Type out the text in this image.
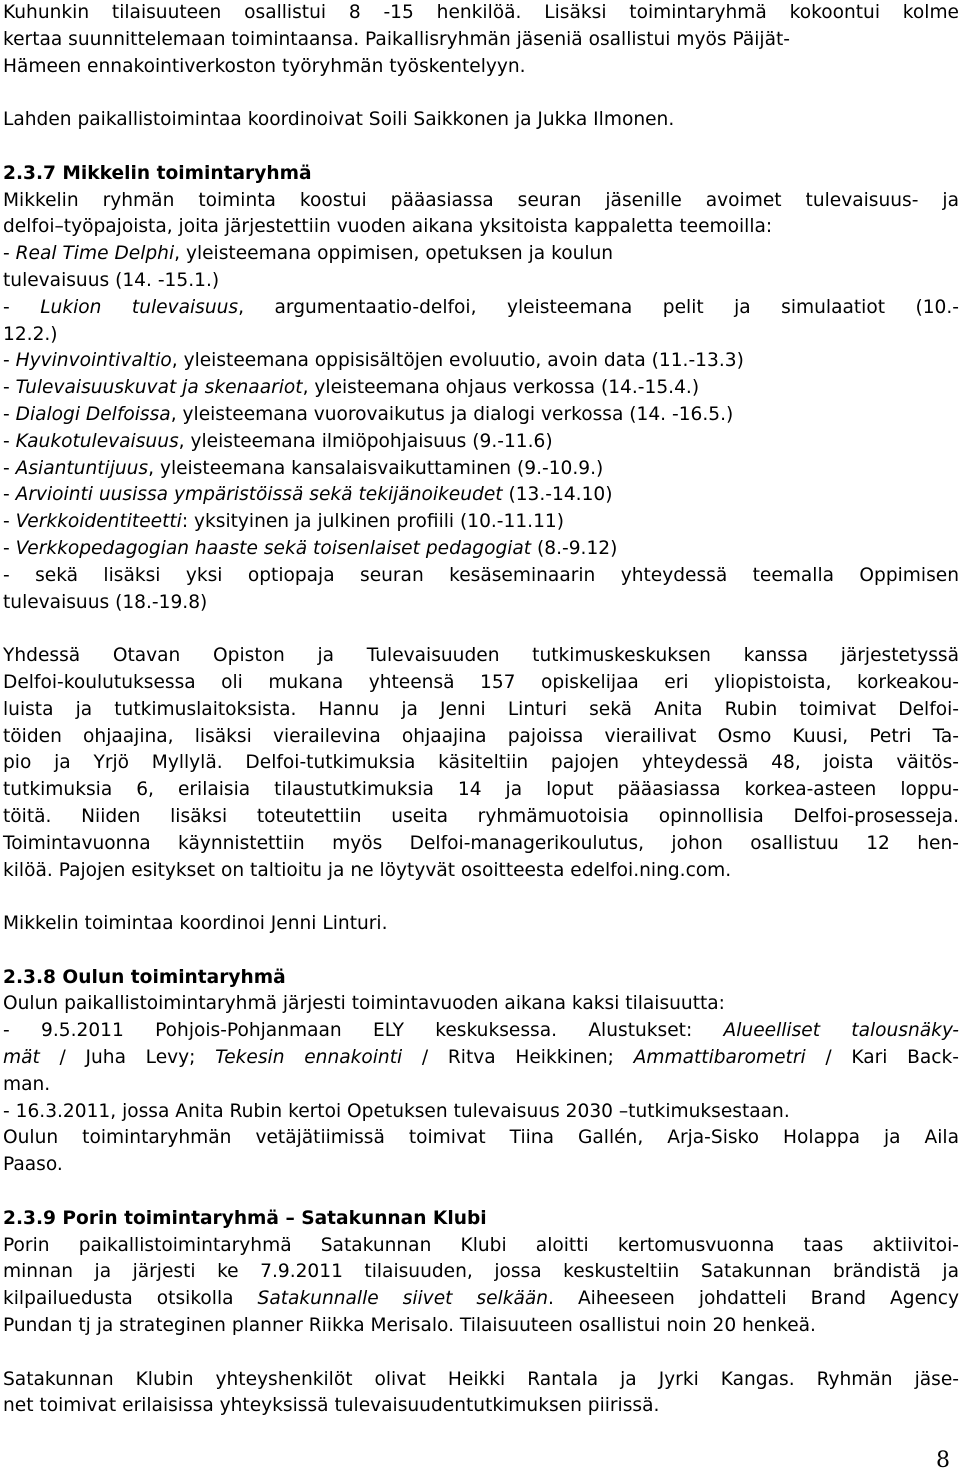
Kuhunkin tilaisuuteen osallistui 8 -15 henkilöä. Lisäksi toimintaryhmä kokoontui kolme
kertaa suunnittelemaan toimintaansa. Paikallisryhmän jäseniä osallistui myös Päijät-
Hämeen ennakointiverkoston työryhmän työskentelyyn.
Lahden paikallistoimintaa koordinoivat Soili Saikkonen ja Jukka Ilmonen.
2.3.7 Mikkelin toimintaryhmä
Mikkelin ryhmän toiminta koostui pääasiassa seuran jäsenille avoimet tulevaisuus- ja
delfoi–työpajoista, joita järjestettiin vuoden aikana yksitoista kappaletta teemoilla:
- Real Time Delphi, yleisteemana oppimisen, opetuksen ja koulun
tulevaisuus (14. -15.1.)
- Lukion tulevaisuus, argumentaatio-delfoi, yleisteemana pelit ja simulaatiot (10.-
12.2.)
- Hyvinvointivaltio, yleisteemana oppisisältöjen evoluutio, avoin data (11.-13.3)
- Tulevaisuuskuvat ja skenaariot, yleisteemana ohjaus verkossa (14.-15.4.)
- Dialogi Delfoissa, yleisteemana vuorovaikutus ja dialogi verkossa (14. -16.5.)
- Kaukotulevaisuus, yleisteemana ilmiöpohjaisuus (9.-11.6)
- Asiantuntijuus, yleisteemana kansalaisvaikuttaminen (9.-10.9.)
- Arviointi uusissa ympäristöissä sekä tekijänoikeudet (13.-14.10)
- Verkkoidentiteetti: yksityinen ja julkinen profiili (10.-11.11)
- Verkkopedagogian haaste sekä toisenlaiset pedagogiat (8.-9.12)
- sekä lisäksi yksi optiopaja seuran kesäseminaarin yhteydessä teemalla Oppimisen
tulevaisuus (18.-19.8)
Yhdessä Otavan Opiston ja Tulevaisuuden tutkimuskeskuksen kanssa järjestetyssä
Delfoi-koulutuksessa oli mukana yhteensä 157 opiskelijaa eri yliopistoista, korkeakou-
luista ja tutkimuslaitoksista. Hannu ja Jenni Linturi sekä Anita Rubin toimivat Delfoi-
töiden ohjaajina, lisäksi vierailevina ohjaajina pajoissa vierailivat Osmo Kuusi, Petri Ta-
pio ja Yrjö Myllylä. Delfoi-tutkimuksia käsiteltiin pajojen yhteydessä 48, joista väitös-
tutkimuksia 6, erilaisia tilaustutkimuksia 14 ja loput pääasiassa korkea-asteen loppu-
töitä. Niiden lisäksi toteutettiin useita ryhmämuotoisia opinnollisia Delfoi-prosesseja.
Toimintavuonna käynnistettiin myös Delfoi-managerikoulutus, johon osallistuu 12 hen-
kilöä. Pajojen esitykset on taltioitu ja ne löytyvät osoitteesta edelfoi.ning.com.
Mikkelin toimintaa koordinoi Jenni Linturi.
2.3.8 Oulun toimintaryhmä
Oulun paikallistoimintaryhmä järjesti toimintavuoden aikana kaksi tilaisuutta:
- 9.5.2011 Pohjois-Pohjanmaan ELY keskuksessa. Alustukset: Alueelliset talousnäky-
mät / Juha Levy; Tekesin ennakointi / Ritva Heikkinen; Ammattibarometri / Kari Back-
man.
- 16.3.2011, jossa Anita Rubin kertoi Opetuksen tulevaisuus 2030 –tutkimuksestaan.
Oulun toimintaryhmän vetäjätiimissä toimivat Tiina Gallén, Arja-Sisko Holappa ja Aila
Paaso.
2.3.9 Porin toimintaryhmä – Satakunnan Klubi
Porin paikallistoimintaryhmä Satakunnan Klubi aloitti kertomusvuonna taas aktiivitoi-
minnan ja järjesti ke 7.9.2011 tilaisuuden, jossa keskusteltiin Satakunnan brändistä ja
kilpailuedusta otsikolla Satakunnalle siivet selkään. Aiheeseen johdatteli Brand Agency
Pundan tj ja strateginen planner Riikka Merisalo. Tilaisuuteen osallistui noin 20 henkeä.
Satakunnan Klubin yhteyshenkilöt olivat Heikki Rantala ja Jyrki Kangas. Ryhmän jäse-
net toimivat erilaisissa yhteyksissä tulevaisuudentutkimuksen piirissä.
8
